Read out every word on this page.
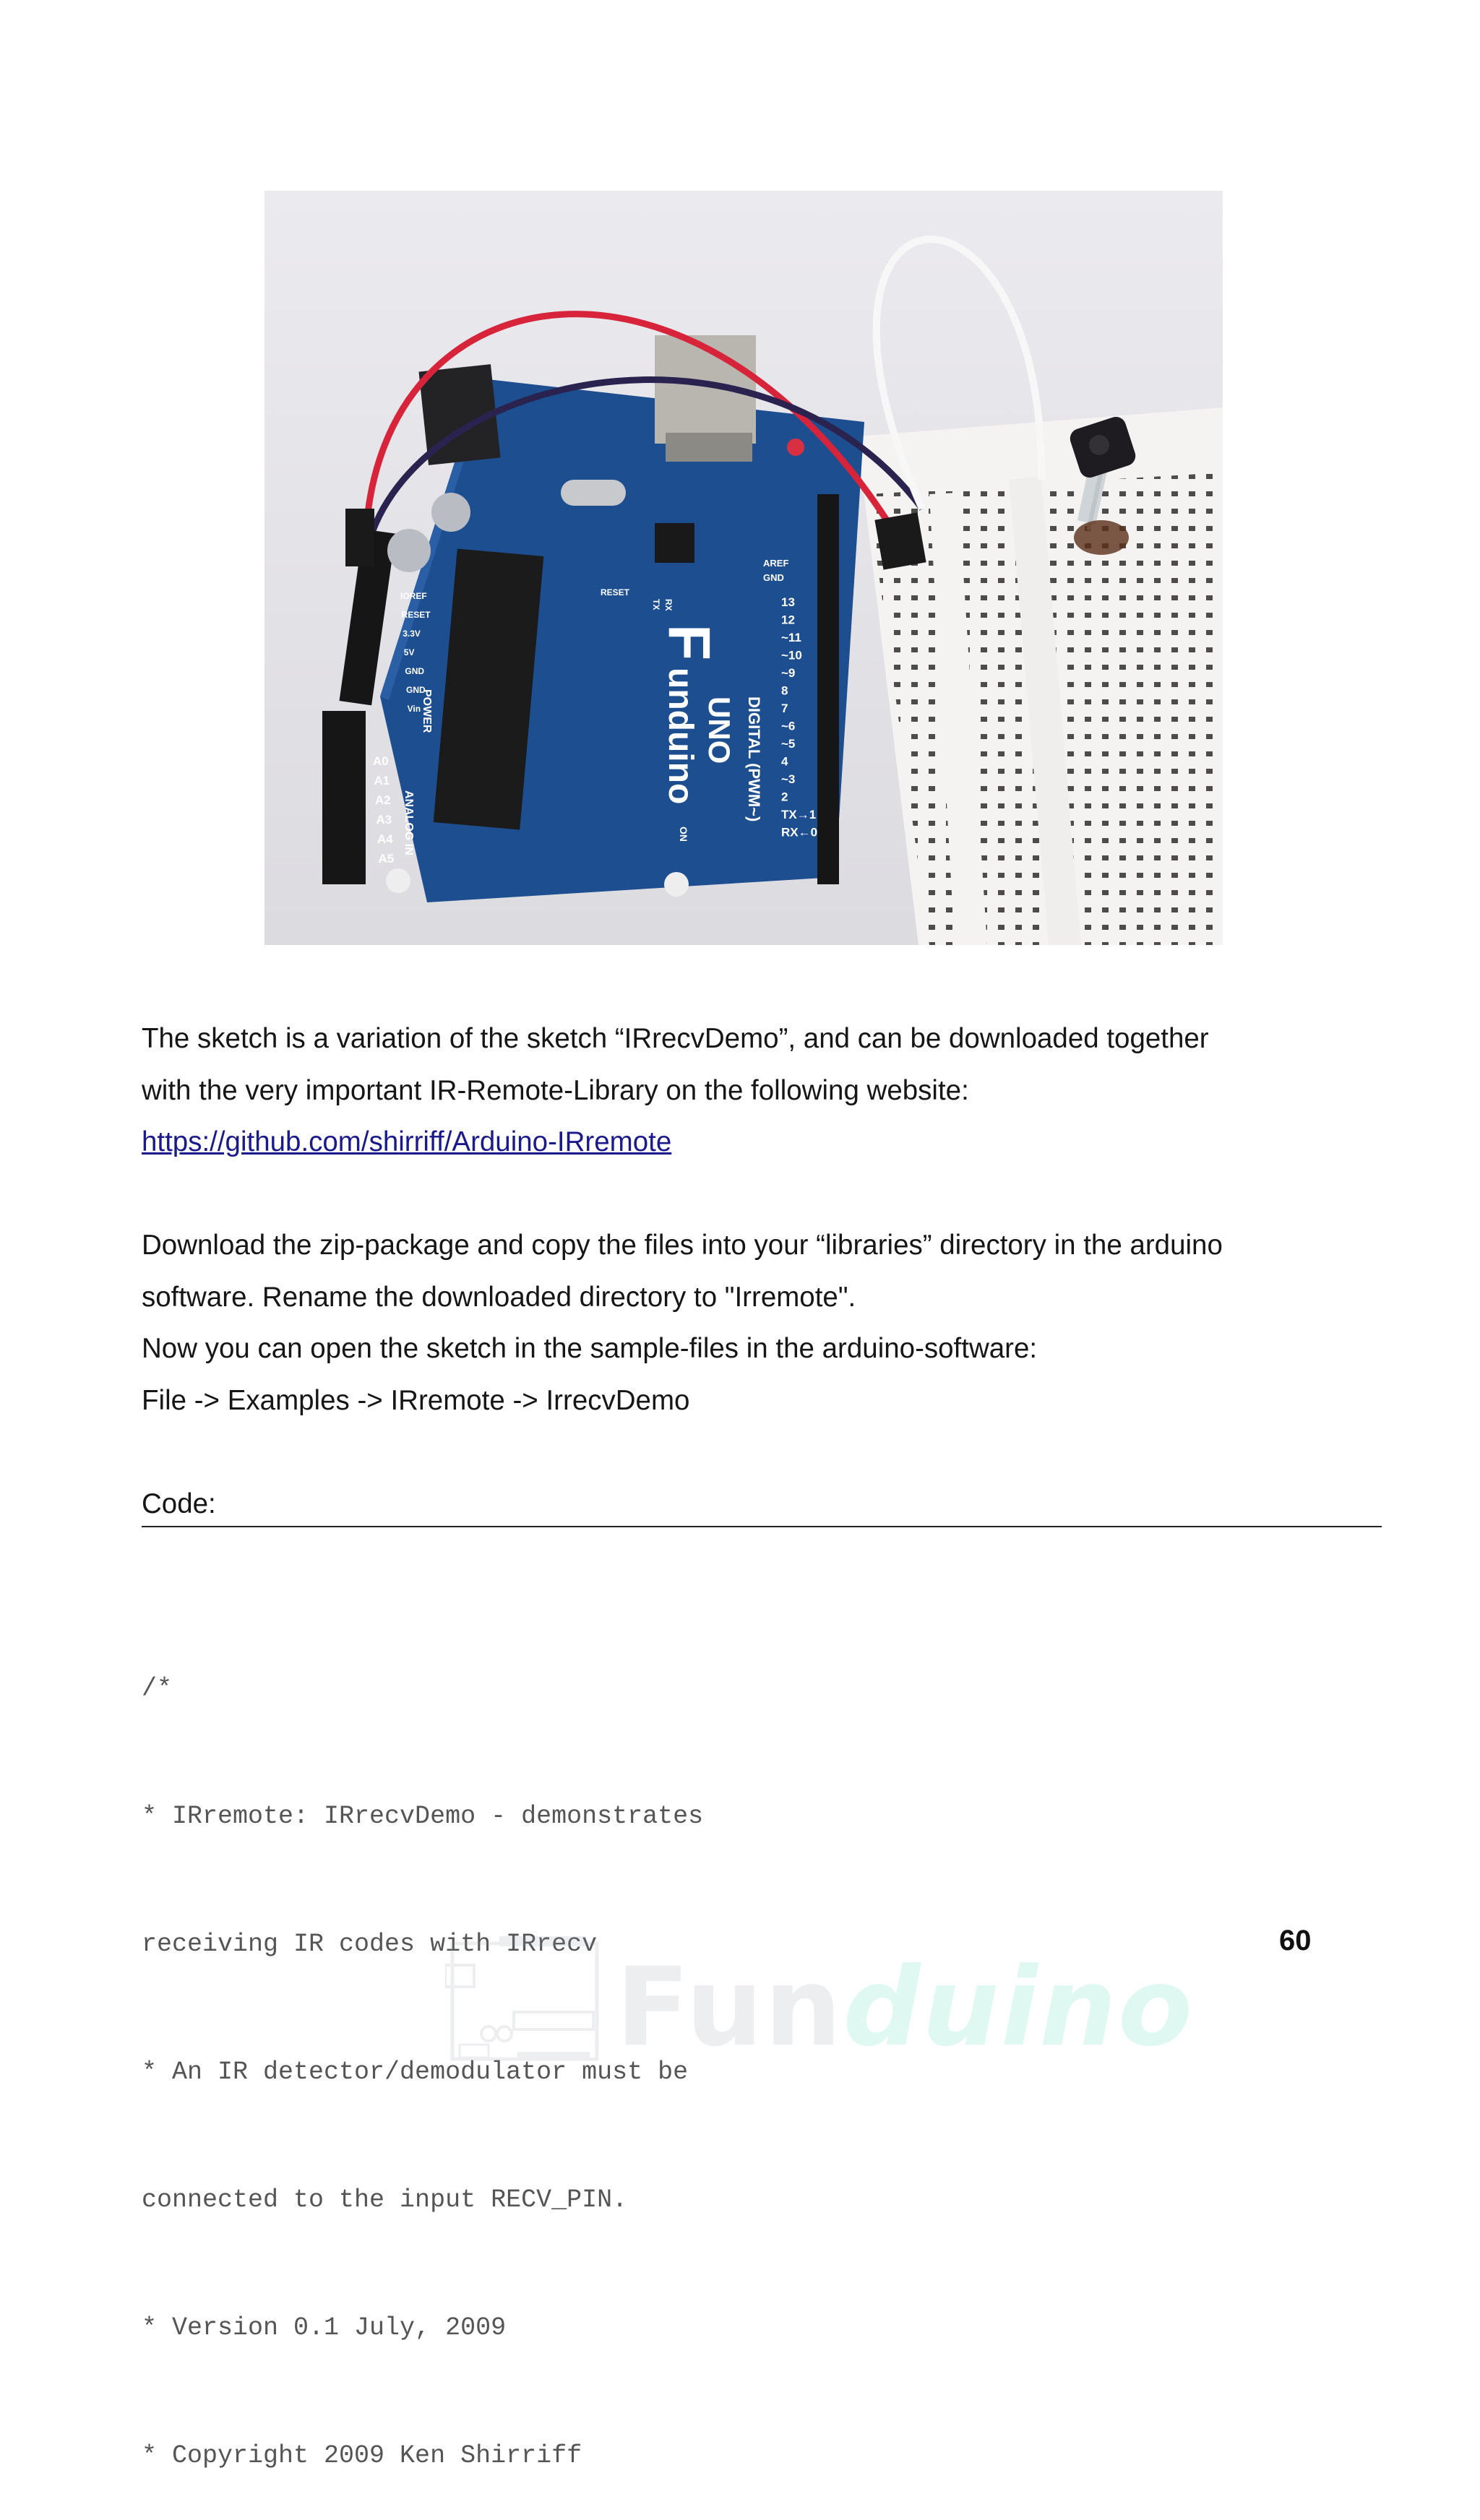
F
unduino UNO DIGITAL (PWM~)
POWER
ANALOG IN
RESET
ON
TX RX
AREF
GND
IOREF
RESET
3.3V
5V
GND
GND
Vin
A0
A1
A2
A3
A4
A5
13
12
~11
~10
~9
8
7
~6
~5
4
~3
2
TX→1
RX←0

The sketch is a variation of the sketch “IRrecvDemo”, and can be downloaded together
with the very important IR-Remote-Library on the following website:
https://github.com/shirriff/Arduino-IRremote

Download the zip-package and copy the files into your “libraries” directory in the arduino
software. Rename the downloaded directory to "Irremote".
Now you can open the sketch in the sample-files in the arduino-software:
File -> Examples -> IRremote -> IrrecvDemo

Code:

/*

* IRremote: IRrecvDemo - demonstrates

receiving IR codes with IRrecv

* An IR detector/demodulator must be

connected to the input RECV_PIN.

* Version 0.1 July, 2009

* Copyright 2009 Ken Shirriff

60
Funduino
